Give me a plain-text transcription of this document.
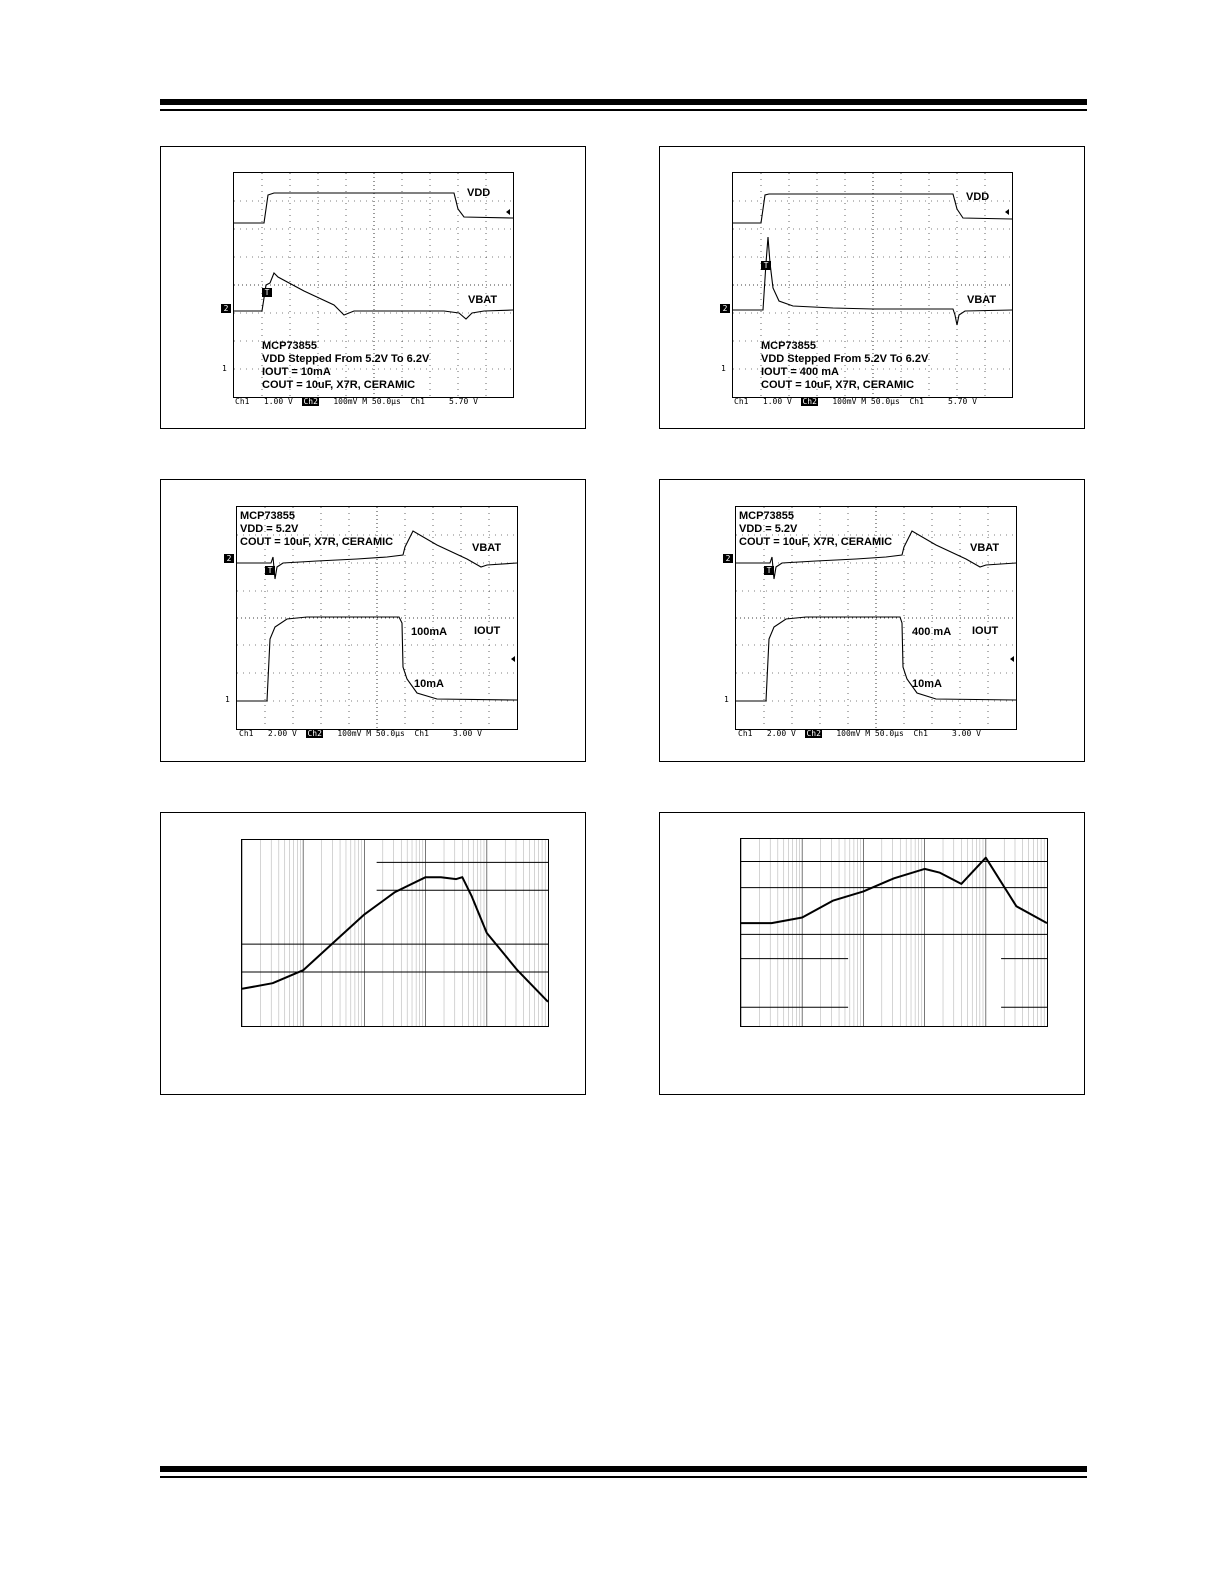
VDD
VBAT
T
MCP73855
VDD Stepped From 5.2V To 6.2V
IOUT = 10mA
COUT = 10uF, X7R, CERAMIC
2
1
Ch1 1.00 V Ch2 100mV M 50.0µs Ch1	5.70 V
VDD
VBAT
T
MCP73855
VDD Stepped From 5.2V To 6.2V
IOUT = 400 mA
COUT = 10uF, X7R, CERAMIC
2
1
Ch1 1.00 V Ch2 100mV M 50.0µs Ch1	5.70 V
MCP73855
VDD = 5.2V
COUT = 10uF, X7R, CERAMIC	VBAT
IOUT
100mA
10mA
T
2
1
Ch1 2.00 V Ch2 100mV M 50.0µs Ch1	3.00 V
MCP73855
VDD = 5.2V
COUT = 10uF, X7R, CERAMIC	VBAT
IOUT
400 mA
10mA
T
2
1
Ch1 2.00 V Ch2 100mV M 50.0µs Ch1	3.00 V
